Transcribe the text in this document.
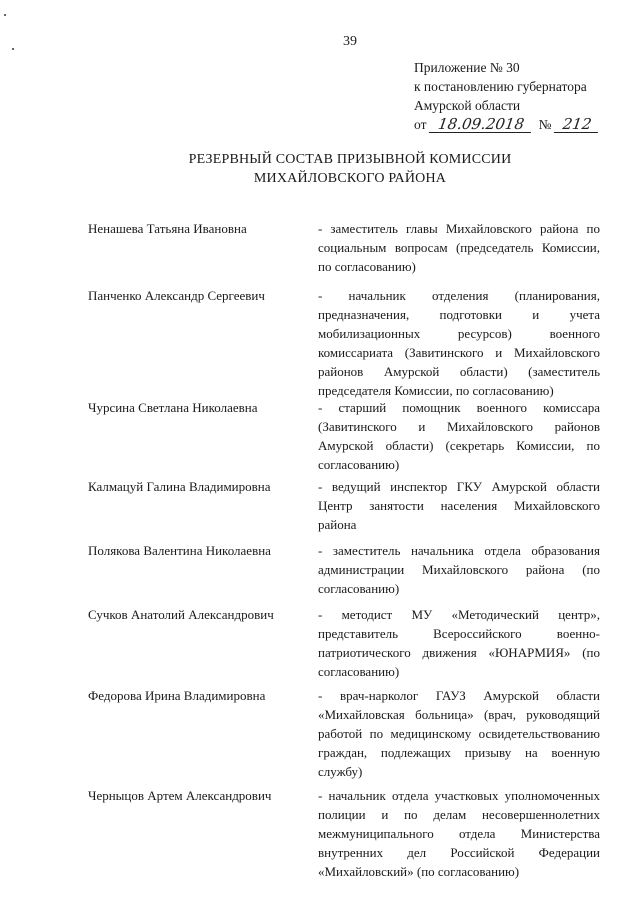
39
Приложение № 30
к постановлению губернатора
Амурской области
от
18.09.2018
№
212
РЕЗЕРВНЫЙ СОСТАВ ПРИЗЫВНОЙ КОМИССИИ
МИХАЙЛОВСКОГО РАЙОНА
Ненашева Татьяна Ивановна	- заместитель главы Михайловского района по социальным вопросам (председатель Комиссии, по согласованию)
Панченко Александр Сергеевич	- начальник отделения (планирования, предназначения, подготовки и учета мобилизационных ресурсов) военного комиссариата (Завитинского и Михайловского районов Амурской области) (заместитель председателя Комиссии, по согласованию)
Чурсина Светлана Николаевна	- старший помощник военного комиссара (Завитинского и Михайловского районов Амурской области) (секретарь Комиссии, по согласованию)
Калмацуй Галина Владимировна	- ведущий инспектор ГКУ Амурской области Центр занятости населения Михайловского района
Полякова Валентина Николаевна	- заместитель начальника отдела образования администрации Михайловского района (по согласованию)
Сучков Анатолий Александрович	- методист МУ «Методический центр», представитель Всероссийского военно-патриотического движения «ЮНАРМИЯ» (по согласованию)
Федорова Ирина Владимировна	- врач-нарколог ГАУЗ Амурской области «Михайловская больница» (врач, руководящий работой по медицинскому освидетельствованию граждан, подлежащих призыву на военную службу)
Черныцов Артем Александрович	- начальник отдела участковых уполномоченных полиции и по делам несовершеннолетних межмуниципального отдела Министерства внутренних дел Российской Федерации «Михайловский» (по согласованию)
